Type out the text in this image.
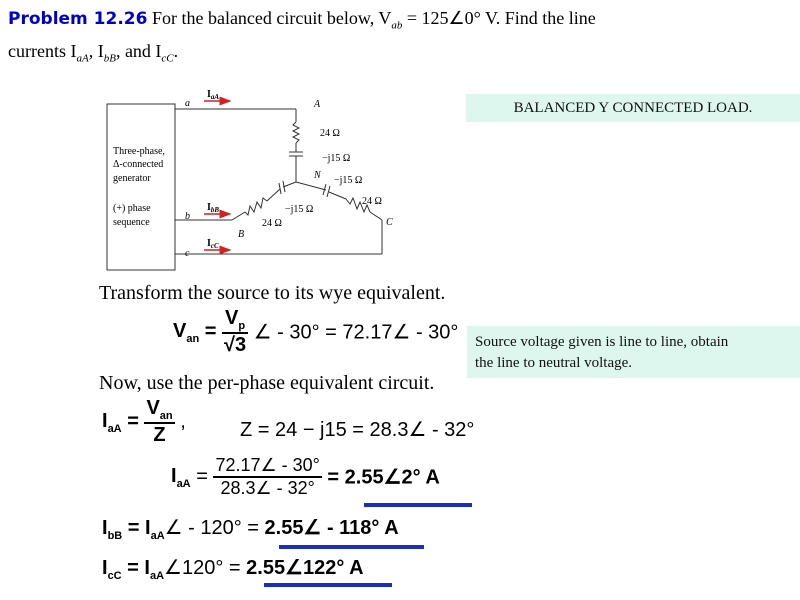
Problem 12.26 For the balanced circuit below, $V_{ab}$ = 125∠0° V. Find the line
currents $I_{aA}$, $I_{bB}$, and $I_{cC}$.
BALANCED Y CONNECTED LOAD.
Source voltage given is line to line, obtain
the line to neutral voltage.
Three-phase,
Δ-connected
generator
(+) phase
sequence
a	A
$I_{aA}$
24 Ω
−j15 Ω
N −j15 Ω
24 Ω
C
c
$I_{cC}$
−j15 Ω
24 Ω
B
b
$I_{bB}$
Transform the source to its wye equivalent.
$V_{an} = \frac{V_p}{√3}$ ∠ - 30° = 72.17∠ - 30°
Now, use the per-phase equivalent circuit.
$I_{aA} = \frac{V_{an}}{Z}$ ,	Z = 24 − j15 = 28.3∠ - 32°
$I_{aA} = \frac{72.17\angle - 30^\circ}{28.3\angle - 32^\circ}$ = 2.55∠2° A
$I_{bB}$ = $I_{aA}\angle - 120^\circ$ = 2.55∠ - 118° A
$I_{cC}$ = $I_{aA}\angle 120^\circ$ = 2.55∠122° A
